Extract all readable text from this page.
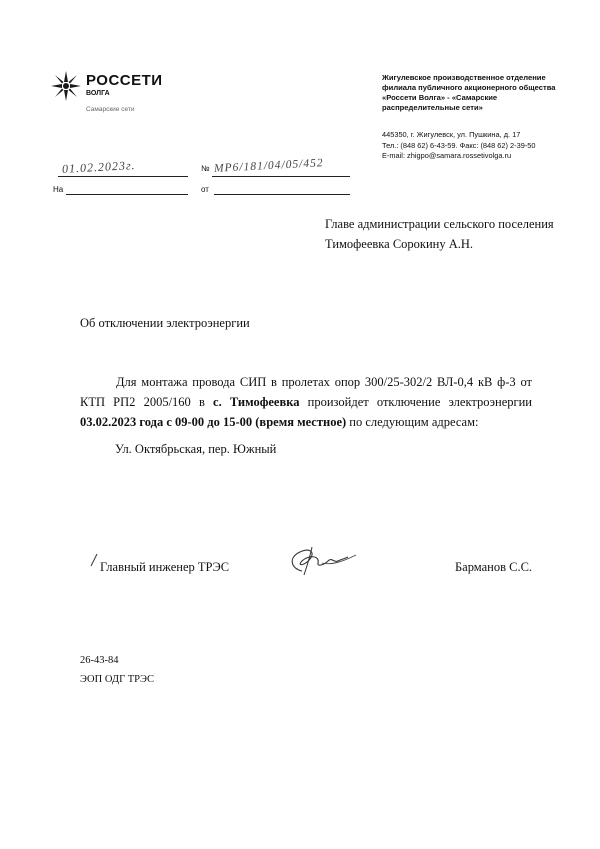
РОССЕТИ
ВОЛГА
Самарские сети
Жигулевское производственное отделение
филиала публичного акционерного общества
«Россети Волга» - «Самарские
распределительные сети»
445350, г. Жигулевск, ул. Пушкина, д. 17
Тел.: (848 62) 6-43-59. Факс: (848 62) 2-39-50
E-mail: zhigpo@samara.rossetivolga.ru
01.02.2023г.	№ МР6/181/04/05/452
На	от
Главе администрации сельского поселения
Тимофеевка Сорокину А.Н.

Об отключении электроэнергии

Для монтажа провода СИП в пролетах опор 300/25-302/2 ВЛ-0,4 кВ ф-3 от КТП РП2 2005/160 в с. Тимофеевка произойдет отключение электроэнергии 03.02.2023 года с 09-00 до 15-00 (время местное) по следующим адресам:

Ул. Октябрьская, пер. Южный
Главный инженер ТРЭС	Барманов С.С.
26-43-84
ЭОП ОДГ ТРЭС
